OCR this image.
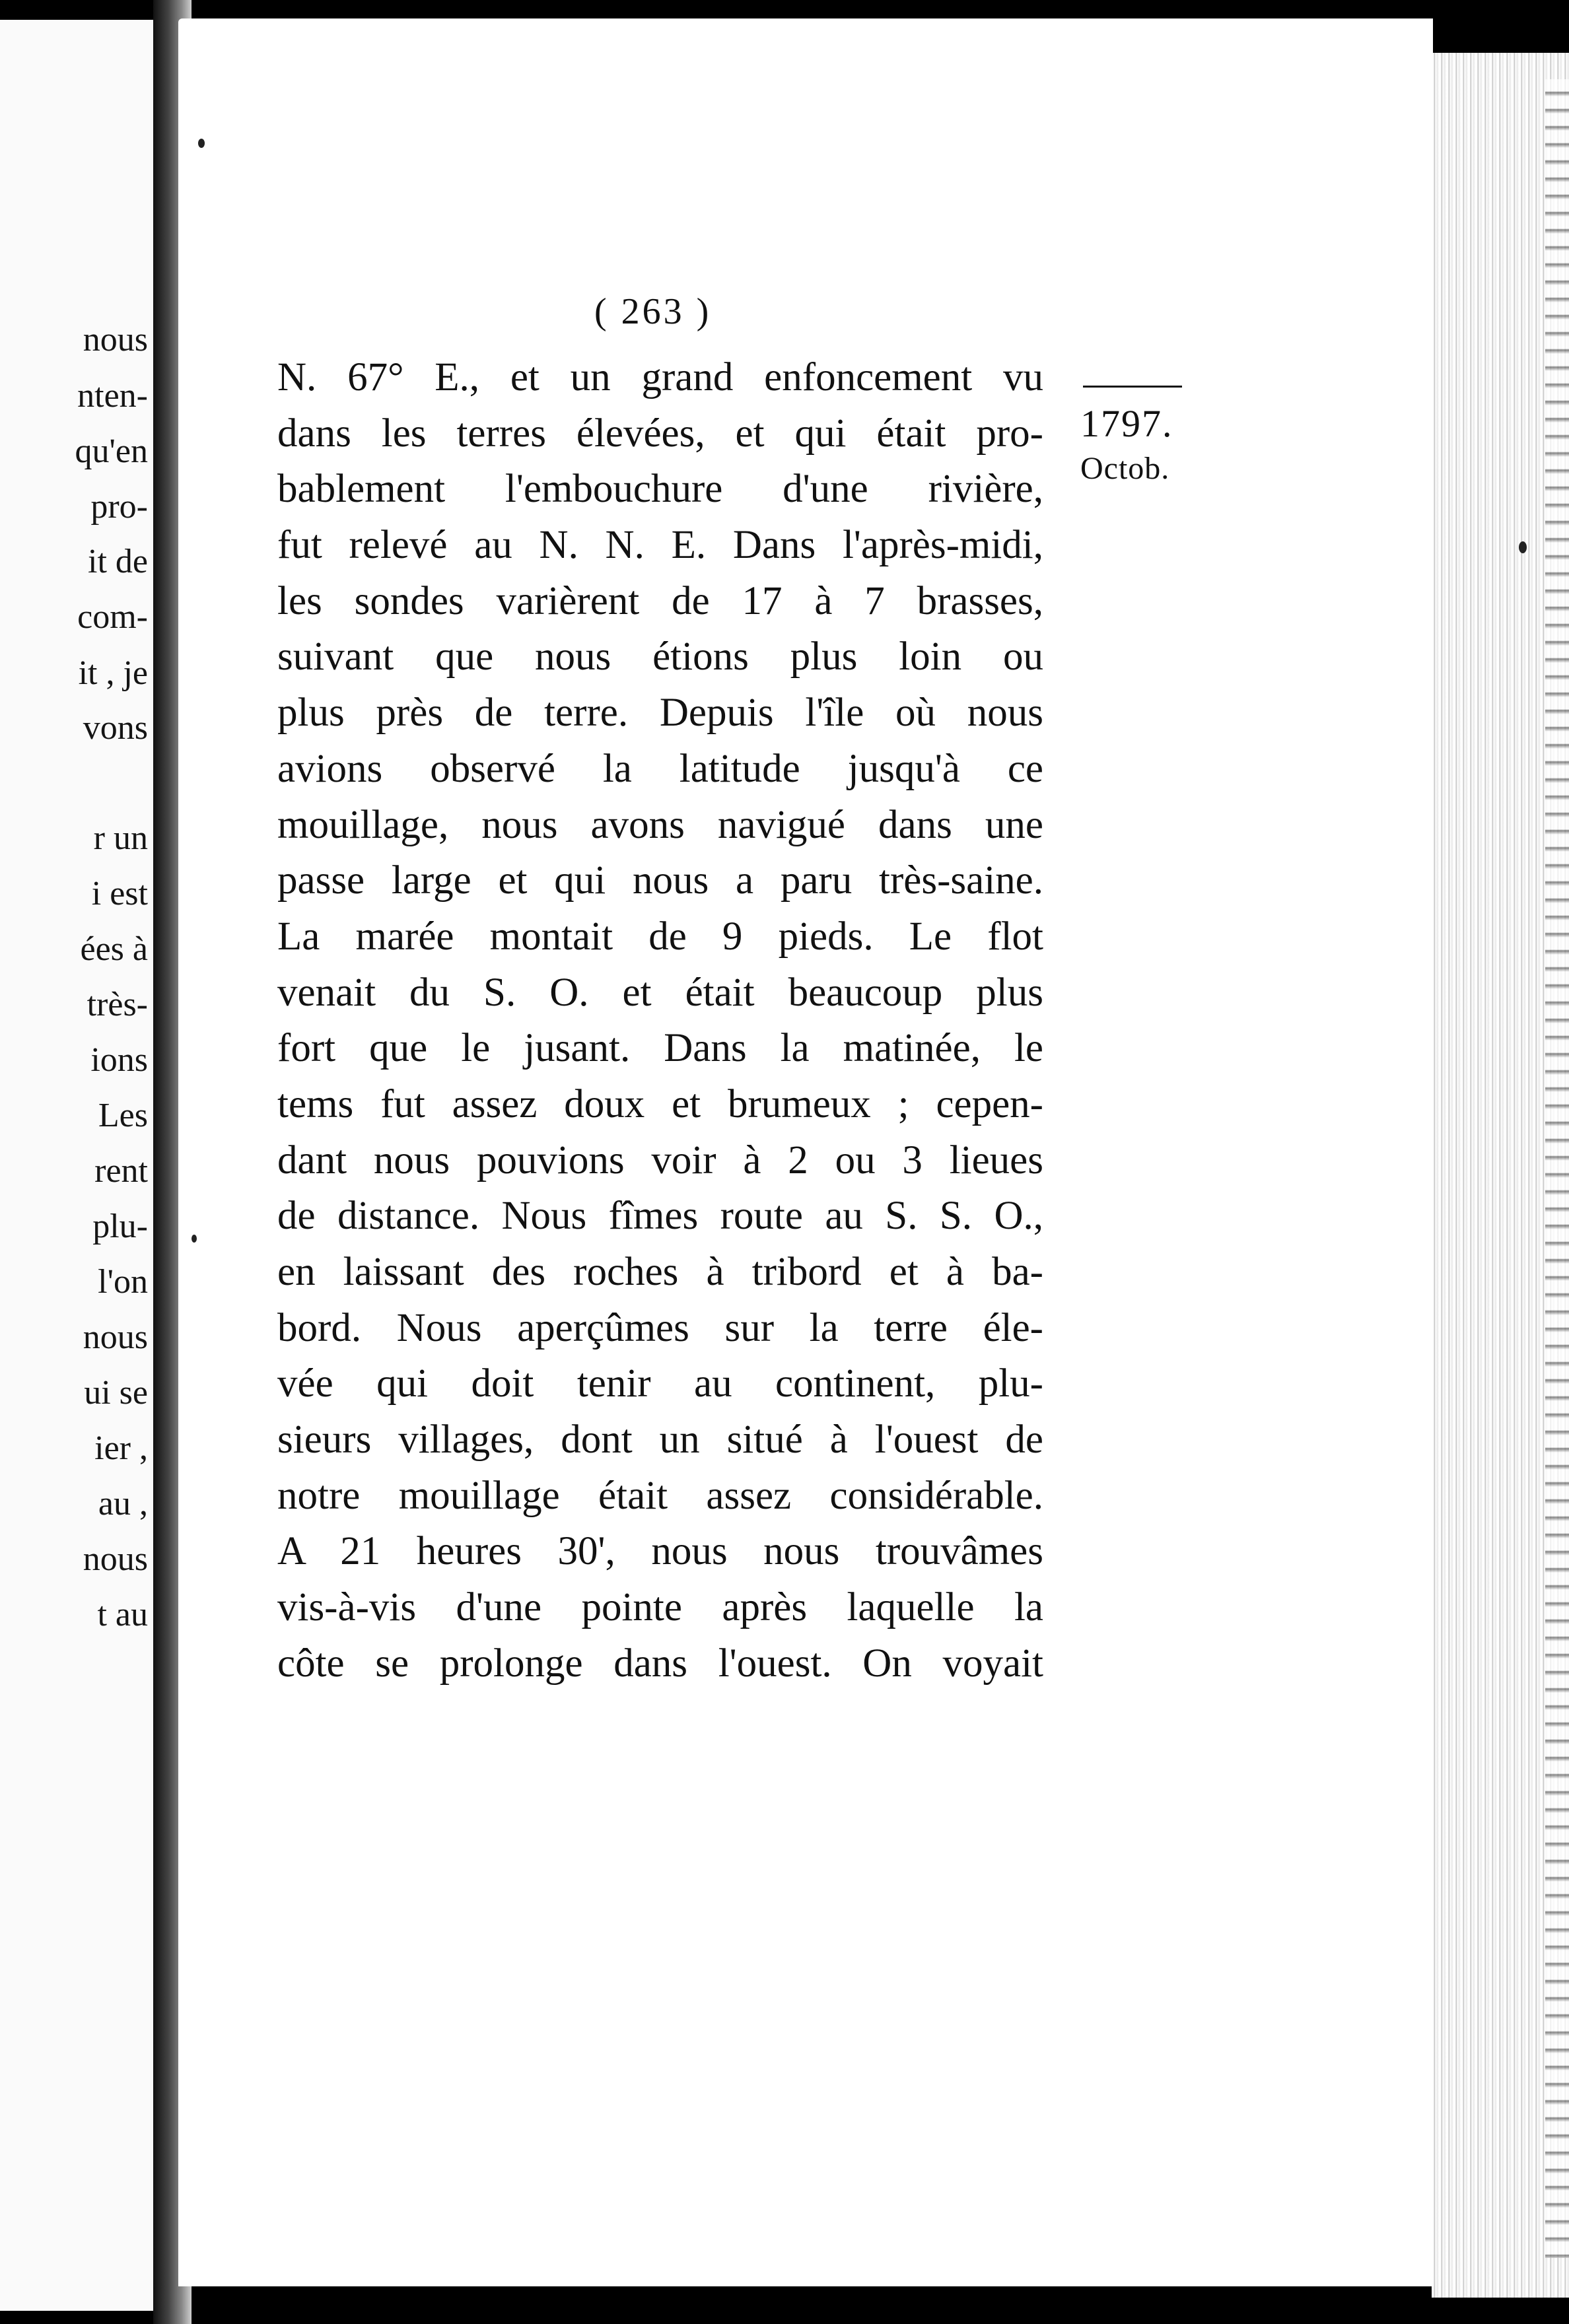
nous
nten-
qu'en
pro-
it de
com-
it , je
vons
r un
i est
ées à
très-
ions
Les
rent
plu-
l'on
nous
ui se
ier ,
au ,
nous
t au
( 263 )
1797.
Octob.
N. 67° E., et un grand enfoncement vu
dans les terres élevées, et qui était pro-
bablement l'embouchure d'une rivière,
fut relevé au N. N. E. Dans l'après-midi,
les sondes varièrent de 17 à 7 brasses,
suivant que nous étions plus loin ou
plus près de terre. Depuis l'île où nous
avions observé la latitude jusqu'à ce
mouillage, nous avons navigué dans une
passe large et qui nous a paru très-saine.
La marée montait de 9 pieds. Le flot
venait du S. O. et était beaucoup plus
fort que le jusant. Dans la matinée, le
tems fut assez doux et brumeux ; cepen-
dant nous pouvions voir à 2 ou 3 lieues
de distance. Nous fîmes route au S. S. O.,
en laissant des roches à tribord et à ba-
bord. Nous aperçûmes sur la terre éle-
vée qui doit tenir au continent, plu-
sieurs villages, dont un situé à l'ouest de
notre mouillage était assez considérable.
A 21 heures 30', nous nous trouvâmes
vis-à-vis d'une pointe après laquelle la
côte se prolonge dans l'ouest. On voyait
